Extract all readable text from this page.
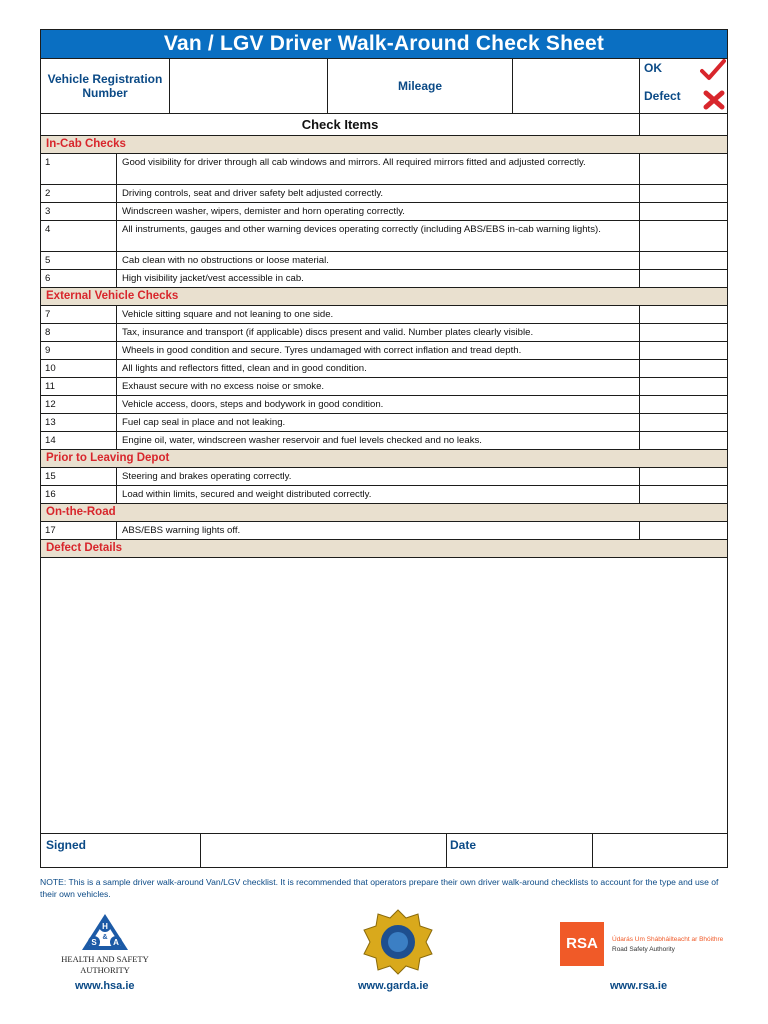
Van / LGV Driver Walk-Around Check Sheet
Vehicle Registration Number	Mileage
OK
Defect
Check Items
In-Cab Checks
1	Good visibility for driver through all cab windows and mirrors. All required mirrors fitted and adjusted correctly.
2	Driving controls, seat and driver safety belt adjusted correctly.
3	Windscreen washer, wipers, demister and horn operating correctly.
4	All instruments, gauges and other warning devices operating correctly (including ABS/EBS in-cab warning lights).
5	Cab clean with no obstructions or loose material.
6	High visibility jacket/vest accessible in cab.
External Vehicle Checks
7	Vehicle sitting square and not leaning to one side.
8	Tax, insurance and transport (if applicable) discs present and valid. Number plates clearly visible.
9	Wheels in good condition and secure. Tyres undamaged with correct inflation and tread depth.
10	All lights and reflectors fitted, clean and in good condition.
11	Exhaust secure with no excess noise or smoke.
12	Vehicle access, doors, steps and bodywork in good condition.
13	Fuel cap seal in place and not leaking.
14	Engine oil, water, windscreen washer reservoir and fuel levels checked and no leaks.
Prior to Leaving Depot
15	Steering and brakes operating correctly.
16	Load within limits, secured and weight distributed correctly.
On-the-Road
17	ABS/EBS warning lights off.
Defect Details
Signed	Date
NOTE: This is a sample driver walk-around Van/LGV checklist. It is recommended that operators prepare their own driver walk-around checklists to account for the type and use of their own vehicles.
H
S A
&
HEALTH AND SAFETY
AUTHORITY
www.hsa.ie	www.garda.ie
RSA	Údarás Um Shábháilteacht ar Bhóithre
Road Safety Authority
www.rsa.ie
